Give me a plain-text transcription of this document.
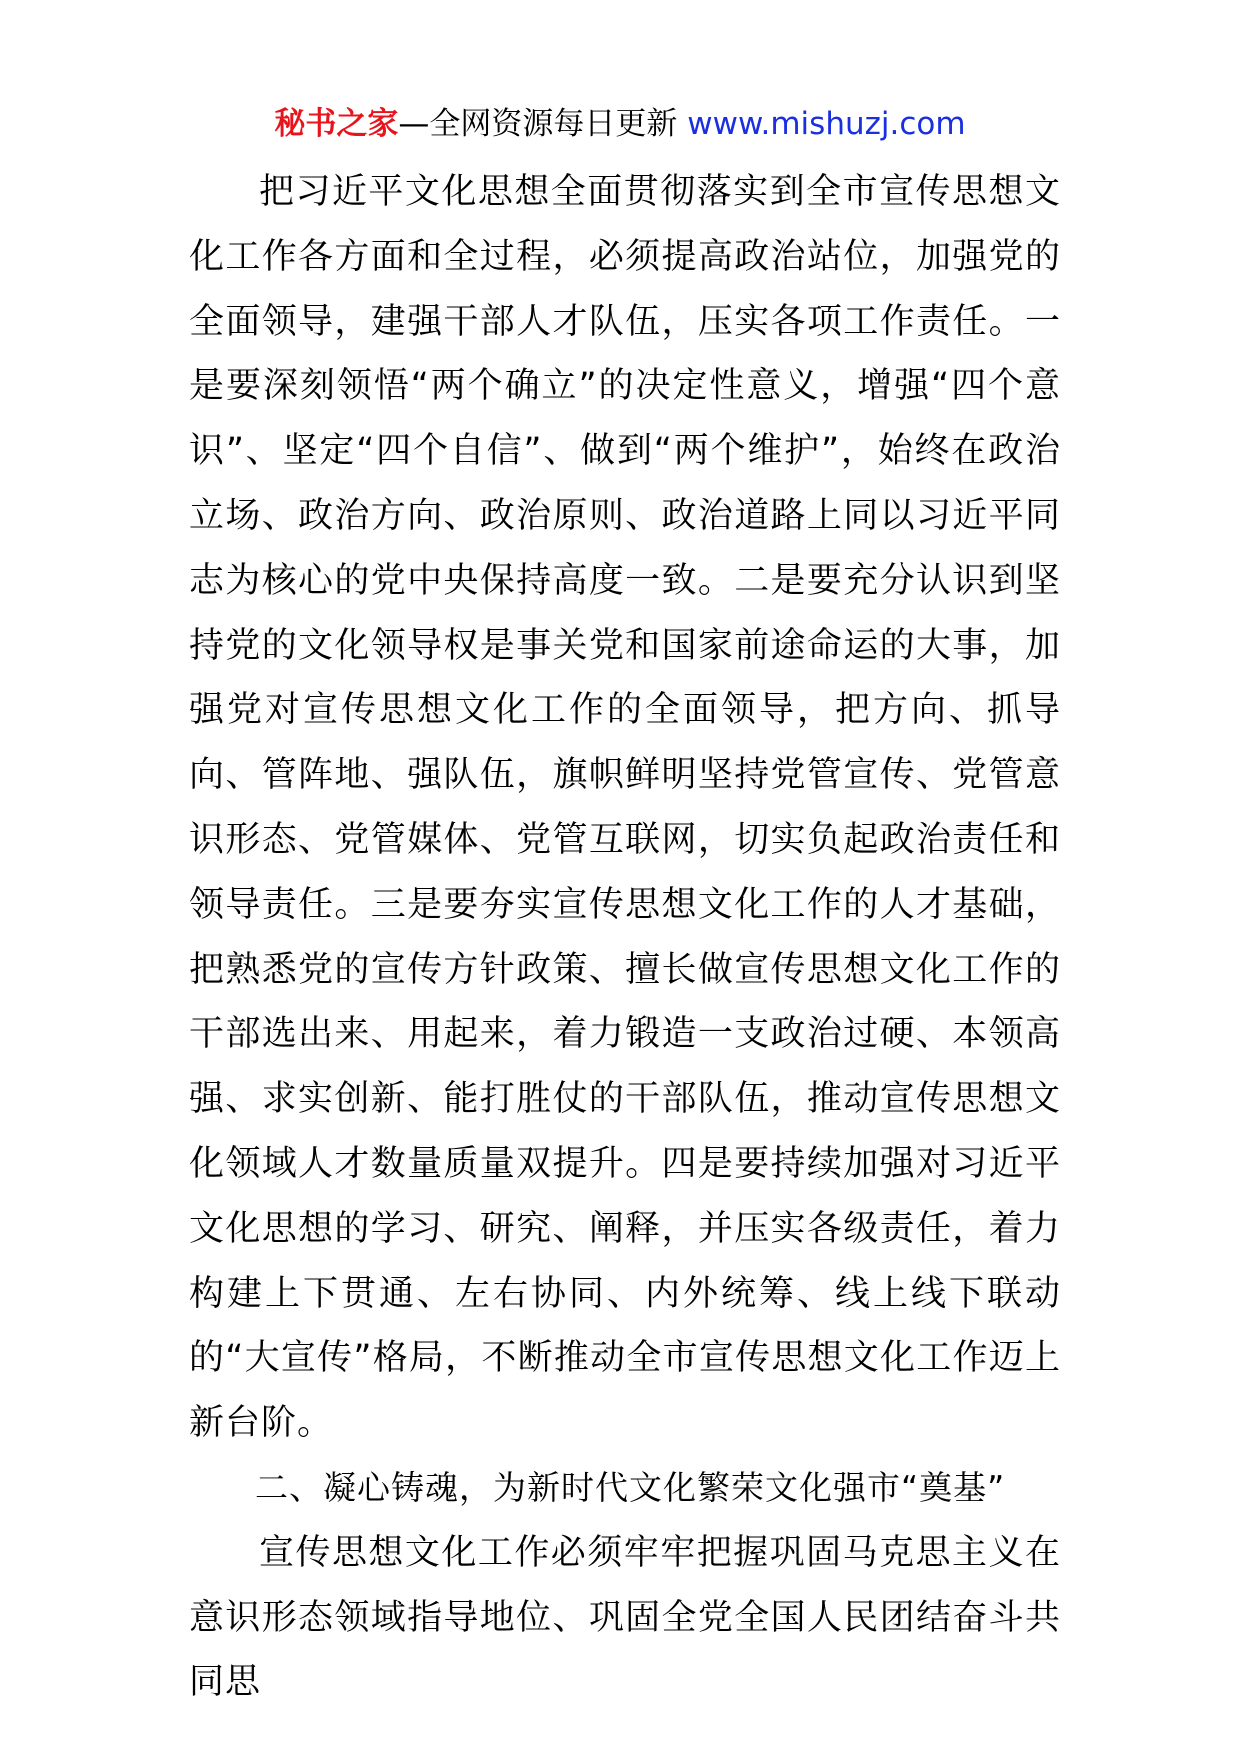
秘书之家—全网资源每日更新 www.mishuzj.com

把习近平文化思想全面贯彻落实到全市宣传思想文化工作各方面和全过程，必须提高政治站位，加强党的全面领导，建强干部人才队伍，压实各项工作责任。一是要深刻领悟“两个确立”的决定性意义，增强“四个意识”、坚定“四个自信”、做到“两个维护”，始终在政治立场、政治方向、政治原则、政治道路上同以习近平同志为核心的党中央保持高度一致。二是要充分认识到坚持党的文化领导权是事关党和国家前途命运的大事，加强党对宣传思想文化工作的全面领导，把方向、抓导向、管阵地、强队伍，旗帜鲜明坚持党管宣传、党管意识形态、党管媒体、党管互联网，切实负起政治责任和领导责任。三是要夯实宣传思想文化工作的人才基础，把熟悉党的宣传方针政策、擅长做宣传思想文化工作的干部选出来、用起来，着力锻造一支政治过硬、本领高强、求实创新、能打胜仗的干部队伍，推动宣传思想文化领域人才数量质量双提升。四是要持续加强对习近平文化思想的学习、研究、阐释，并压实各级责任，着力构建上下贯通、左右协同、内外统筹、线上线下联动的“大宣传”格局，不断推动全市宣传思想文化工作迈上新台阶。

二、凝心铸魂，为新时代文化繁荣文化强市“奠基”

宣传思想文化工作必须牢牢把握巩固马克思主义在意识形态领域指导地位、巩固全党全国人民团结奋斗共同思
